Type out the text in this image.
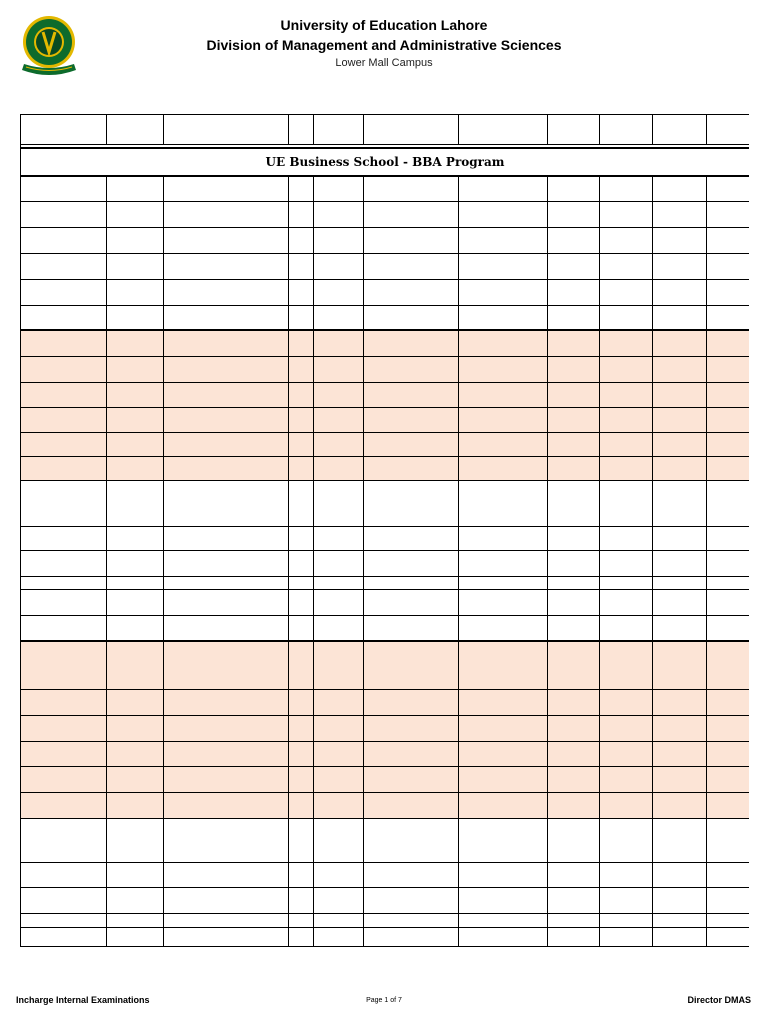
University of Education Lahore
Division of Management and Administrative Sciences
Lower Mall Campus

UE Business School - BBA Program										

Incharge Internal Examinations	Page 1 of 7	Director DMAS
